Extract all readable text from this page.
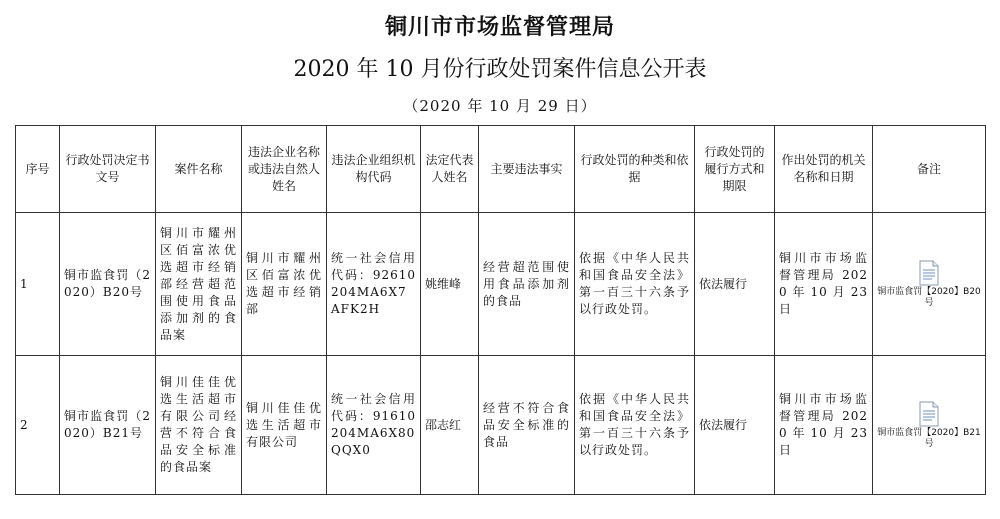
铜川市市场监督管理局
2020 年 10 月份行政处罚案件信息公开表
（2020 年 10 月 29 日）
序号	行政处罚决定书文号	案件名称	违法企业名称或违法自然人姓名	违法企业组织机构代码	法定代表人姓名	主要违法事实	行政处罚的种类和依据	行政处罚的履行方式和期限	作出处罚的机关名称和日期	备注
1	铜市监食罚（2020）B20号	铜川市耀州区佰富浓优选超市经销部经营超范围使用食品添加剂的食品案	铜川市耀州区佰富浓优选超市经销部	统一社会信用代码：92610204MA6X7AFK2H	姚维峰	经营超范围使用食品添加剂的食品	依据《中华人民共和国食品安全法》第一百三十六条予以行政处罚。	依法履行	铜川市市场监督管理局 2020 年 10 月 23 日	铜市监食罚【2020】B20号

2	铜市监食罚（2020）B21号	铜川佳佳优选生活超市有限公司经营不符合食品安全标准的食品案	铜川佳佳优选生活超市有限公司	统一社会信用代码：91610204MA6X80QQX0	邵志红	经营不符合食品安全标准的食品	依据《中华人民共和国食品安全法》第一百三十六条予以行政处罚。	依法履行	铜川市市场监督管理局 2020 年 10 月 23 日	铜市监食罚【2020】B21号
